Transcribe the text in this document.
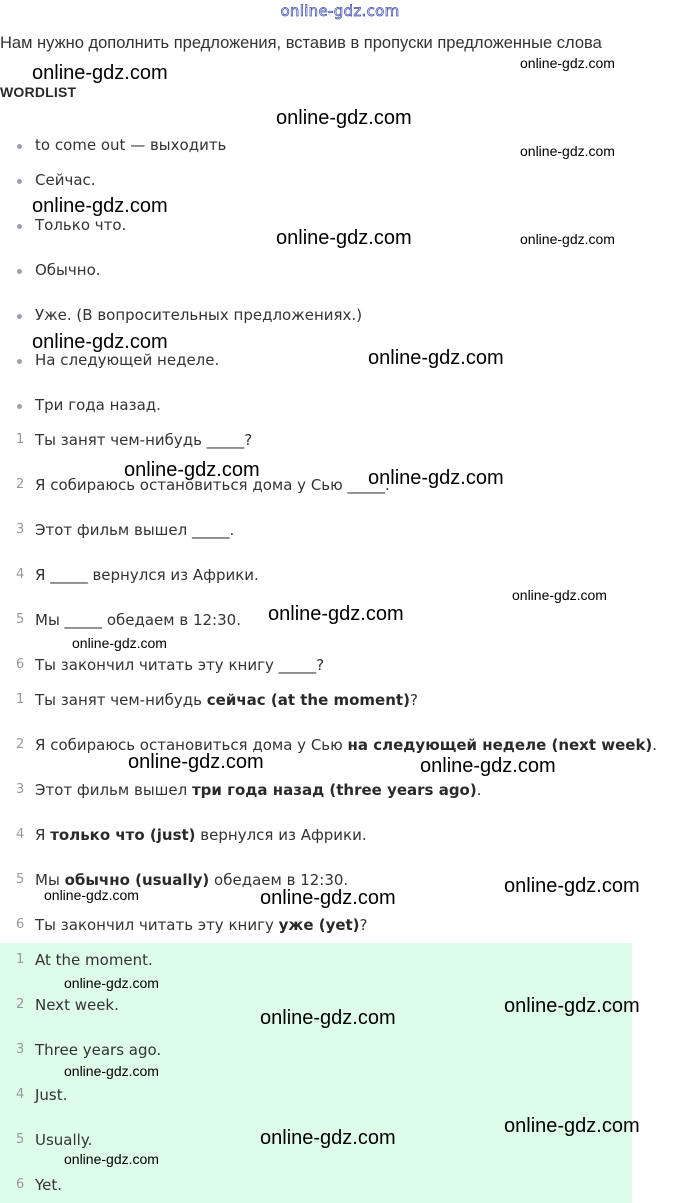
online-gdz.com
Нам нужно дополнить предложения, вставив в пропуски предложенные слова
WORDLIST
to come out — выходить
Сейчас.
Только что.
Обычно.
Уже. (В вопросительных предложениях.)
На следующей неделе.
Три года назад.
1 Ты занят чем-нибудь _____?
2 Я собираюсь остановиться дома у Сью _____.
3 Этот фильм вышел _____.
4 Я _____ вернулся из Африки.
5 Мы _____ обедаем в 12:30.
6 Ты закончил читать эту книгу _____?
1 Ты занят чем-нибудь сейчас (at the moment)?
2 Я собираюсь остановиться дома у Сью на следующей неделе (next week).
3 Этот фильм вышел три года назад (three years ago).
4 Я только что (just) вернулся из Африки.
5 Мы обычно (usually) обедаем в 12:30.
6 Ты закончил читать эту книгу уже (yet)?
1 At the moment.
2 Next week.
3 Three years ago.
4 Just.
5 Usually.
6 Yet.
online-gdz.com	online-gdz.com
online-gdz.com
online-gdz.com
online-gdz.com
online-gdz.com	online-gdz.com
online-gdz.com
online-gdz.com
online-gdz.com	online-gdz.com
online-gdz.com
online-gdz.com
online-gdz.com
online-gdz.com	online-gdz.com
online-gdz.com
online-gdz.com
online-gdz.com
online-gdz.com
online-gdz.com
online-gdz.com
online-gdz.com
online-gdz.com
online-gdz.com
online-gdz.com
